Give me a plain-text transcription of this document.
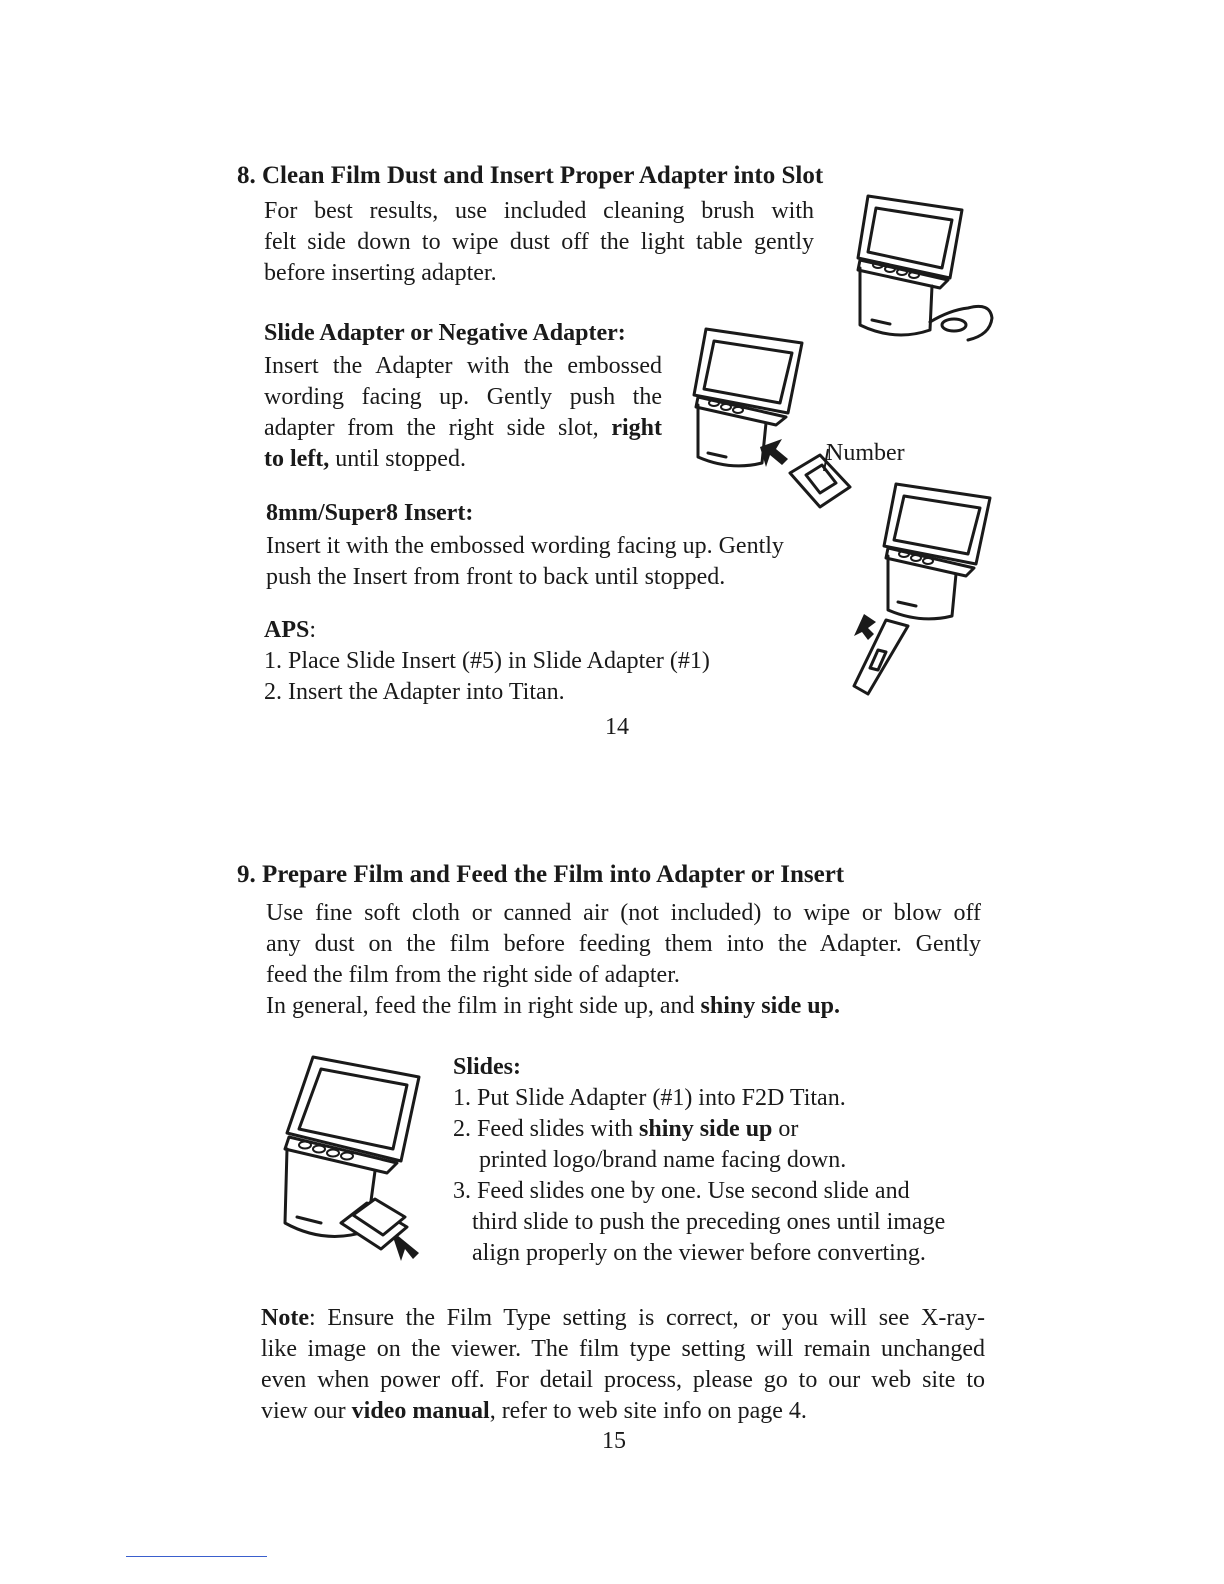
8. Clean Film Dust and Insert Proper Adapter into Slot
For best results, use included cleaning brush with
felt side down to wipe dust off the light table gently
before inserting adapter.
Slide Adapter or Negative Adapter:
Insert the Adapter with the embossed
wording facing up. Gently push the
adapter from the right side slot, right
to left, until stopped.
8mm/Super8 Insert:
Insert it with the embossed wording facing up. Gently
push the Insert from front to back until stopped.
APS:
1. Place Slide Insert (#5) in Slide Adapter (#1)
2. Insert the Adapter into Titan.
14
Number
9. Prepare Film and Feed the Film into Adapter or Insert
Use fine soft cloth or canned air (not included) to wipe or blow off
any dust on the film before feeding them into the Adapter. Gently
feed the film from the right side of adapter.
In general, feed the film in right side up, and shiny side up.
Slides:
1. Put Slide Adapter (#1) into F2D Titan.
2. Feed slides with shiny side up or
printed logo/brand name facing down.
3. Feed slides one by one. Use second slide and
third slide to push the preceding ones until image
align properly on the viewer before converting.
Note: Ensure the Film Type setting is correct, or you will see X-ray-
like image on the viewer. The film type setting will remain unchanged
even when power off. For detail process, please go to our web site to
view our video manual, refer to web site info on page 4.
15
